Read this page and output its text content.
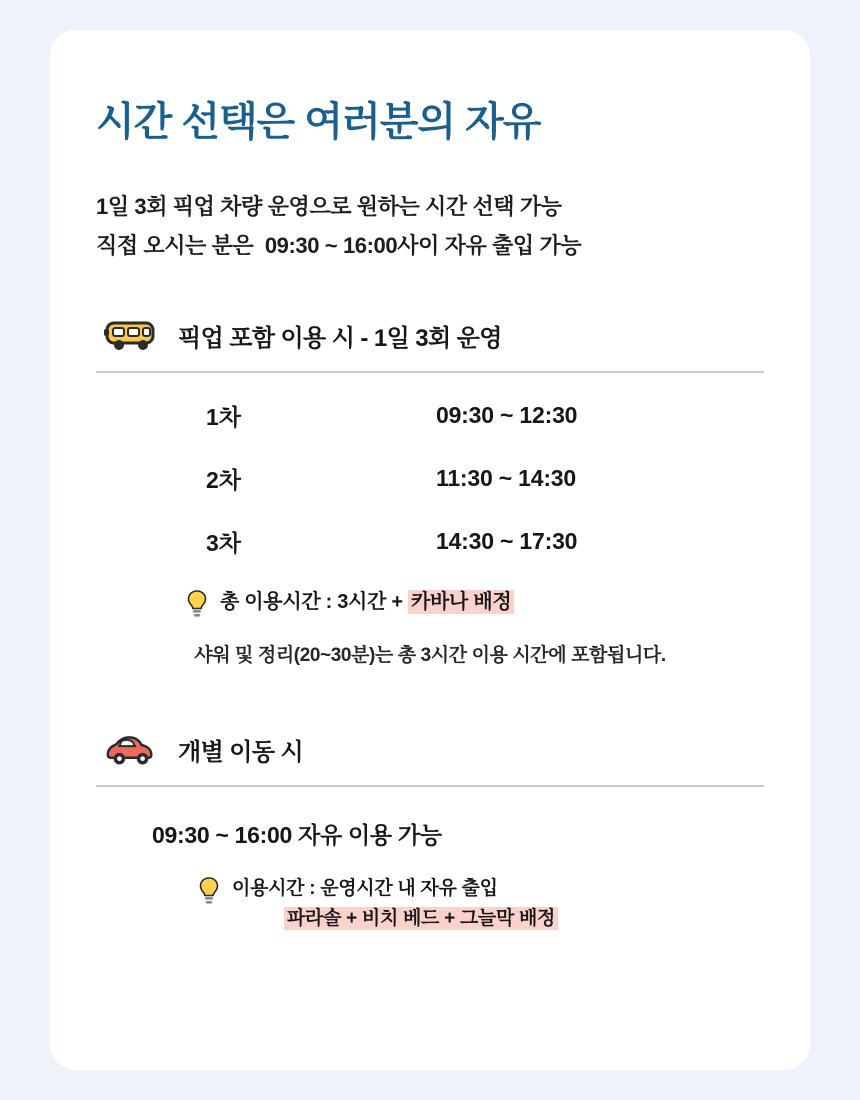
시간 선택은 여러분의 자유
1일 3회 픽업 차량 운영으로 원하는 시간 선택 가능
직접 오시는 분은  09:30 ~ 16:00사이 자유 출입 가능
픽업 포함 이용 시 - 1일 3회 운영
1차	09:30 ~ 12:30
2차	11:30 ~ 14:30
3차	14:30 ~ 17:30
총 이용시간 : 3시간 + 카바나 배정
샤워 및 정리(20~30분)는 총 3시간 이용 시간에 포함됩니다.
개별 이동 시
09:30 ~ 16:00 자유 이용 가능
이용시간 : 운영시간 내 자유 출입
파라솔 + 비치 베드 + 그늘막 배정
